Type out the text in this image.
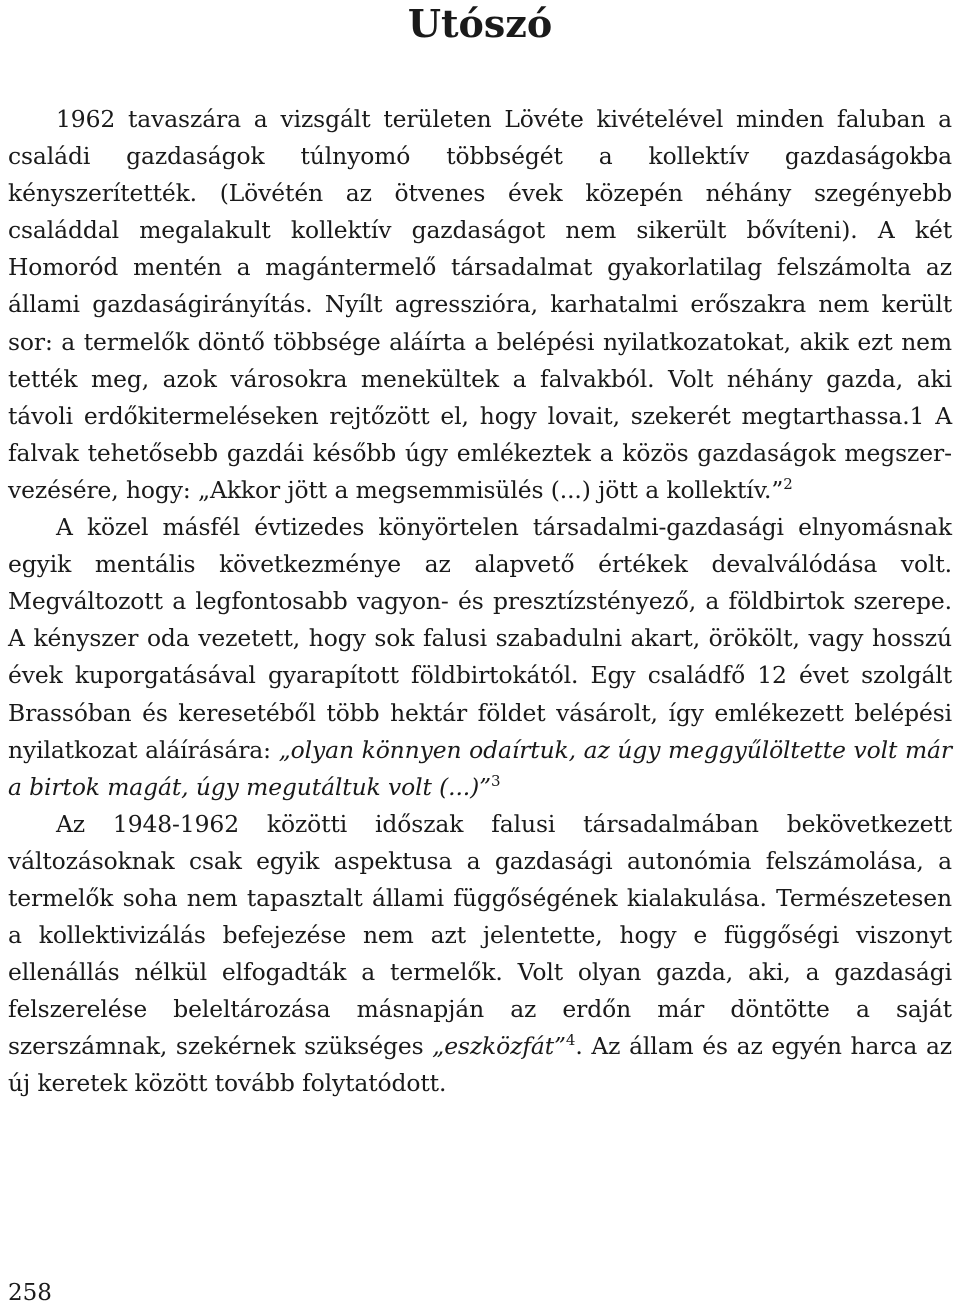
Utószó

1962 tavaszára a vizsgált területen Lövéte kivételével minden faluban a családi gazdaságok túlnyomó többségét a kollektív gazdaságokba kényszerítették. (Lövétén az ötvenes évek közepén néhány szegényebb családdal megalakult kollektív gazdaságot nem sikerült bővíteni). A két Homoród mentén a magántermelő társadalmat gyakorlatilag felszámolta az állami gazdaságirányítás. Nyílt agresszióra, karhatalmi erőszakra nem került sor: a termelők döntő többsége aláírta a belépési nyilatkozatokat, akik ezt nem tették meg, azok városokra menekültek a falvakból. Volt néhány gazda, aki távoli erdőkitermeléseken rejtőzött el, hogy lovait, szekerét megtarthassa.1 A falvak tehetősebb gazdái később úgy emlékeztek a közös gazdaságok megszervezésére, hogy: „Akkor jött a megsemmisülés (...) jött a kollektív.”$^2$

A közel másfél évtizedes könyörtelen társadalmi-gazdasági elnyomásnak egyik mentális következménye az alapvető értékek devalválódása volt. Megváltozott a legfontosabb vagyon- és presztízstényező, a földbirtok szerepe. A kényszer oda vezetett, hogy sok falusi szabadulni akart, örökölt, vagy hosszú évek kuporgatásával gyarapított földbirtokától. Egy családfő 12 évet szolgált Brassóban és keresetéből több hektár földet vásárolt, így emlékezett belépési nyilatkozat aláírására: „olyan könnyen odaírtuk, az úgy meggyűlöltette volt már a birtok magát, úgy megutáltuk volt (...)”$^3$

Az 1948-1962 közötti időszak falusi társadalmában bekövetkezett változásoknak csak egyik aspektusa a gazdasági autonómia felszámolása, a termelők soha nem tapasztalt állami függőségének kialakulása. Természetesen a kollektivizálás befejezése nem azt jelentette, hogy e függőségi viszonyt ellenállás nélkül elfogadták a termelők. Volt olyan gazda, aki, a gazdasági felszerelése beleltározása másnapján az erdőn már döntötte a saját szerszámnak, szekérnek szükséges „eszközfát”$^4$. Az állam és az egyén harca az új keretek között tovább folytatódott.

258
